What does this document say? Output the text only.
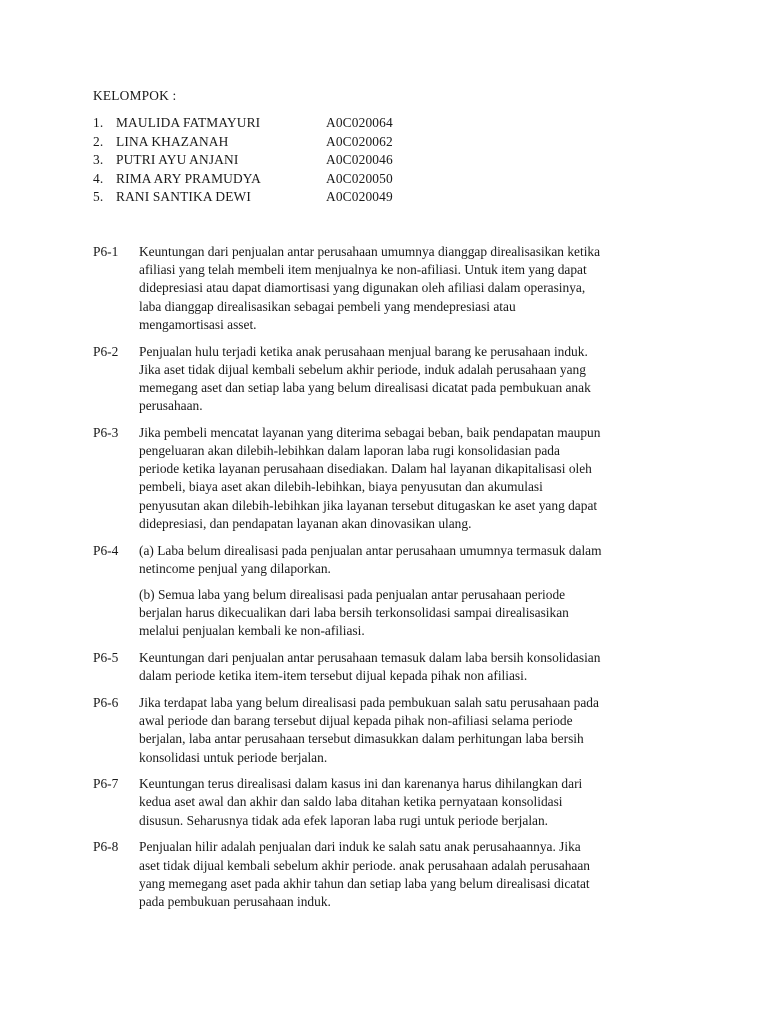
KELOMPOK :
1. MAULIDA FATMAYURI	A0C020064
2. LINA KHAZANAH	A0C020062
3. PUTRI AYU ANJANI	A0C020046
4. RIMA ARY PRAMUDYA	A0C020050
5. RANI SANTIKA DEWI	A0C020049
P6-1	Keuntungan dari penjualan antar perusahaan umumnya dianggap direalisasikan ketika
afiliasi yang telah membeli item menjualnya ke non-afiliasi. Untuk item yang dapat
didepresiasi atau dapat diamortisasi yang digunakan oleh afiliasi dalam operasinya,
laba dianggap direalisasikan sebagai pembeli yang mendepresiasi atau
mengamortisasi asset.
P6-2	Penjualan hulu terjadi ketika anak perusahaan menjual barang ke perusahaan induk.
Jika aset tidak dijual kembali sebelum akhir periode, induk adalah perusahaan yang
memegang aset dan setiap laba yang belum direalisasi dicatat pada pembukuan anak
perusahaan.
P6-3	Jika pembeli mencatat layanan yang diterima sebagai beban, baik pendapatan maupun
pengeluaran akan dilebih-lebihkan dalam laporan laba rugi konsolidasian pada
periode ketika layanan perusahaan disediakan. Dalam hal layanan dikapitalisasi oleh
pembeli, biaya aset akan dilebih-lebihkan, biaya penyusutan dan akumulasi
penyusutan akan dilebih-lebihkan jika layanan tersebut ditugaskan ke aset yang dapat
didepresiasi, dan pendapatan layanan akan dinovasikan ulang.
P6-4	(a) Laba belum direalisasi pada penjualan antar perusahaan umumnya termasuk dalam
netincome penjual yang dilaporkan.
(b) Semua laba yang belum direalisasi pada penjualan antar perusahaan periode
berjalan harus dikecualikan dari laba bersih terkonsolidasi sampai direalisasikan
melalui penjualan kembali ke non-afiliasi.
P6-5	Keuntungan dari penjualan antar perusahaan temasuk dalam laba bersih konsolidasian
dalam periode ketika item-item tersebut dijual kepada pihak non afiliasi.
P6-6	Jika terdapat laba yang belum direalisasi pada pembukuan salah satu perusahaan pada
awal periode dan barang tersebut dijual kepada pihak non-afiliasi selama periode
berjalan, laba antar perusahaan tersebut dimasukkan dalam perhitungan laba bersih
konsolidasi untuk periode berjalan.
P6-7	Keuntungan terus direalisasi dalam kasus ini dan karenanya harus dihilangkan dari
kedua aset awal dan akhir dan saldo laba ditahan ketika pernyataan konsolidasi
disusun. Seharusnya tidak ada efek laporan laba rugi untuk periode berjalan.
P6-8	Penjualan hilir adalah penjualan dari induk ke salah satu anak perusahaannya. Jika
aset tidak dijual kembali sebelum akhir periode. anak perusahaan adalah perusahaan
yang memegang aset pada akhir tahun dan setiap laba yang belum direalisasi dicatat
pada pembukuan perusahaan induk.
